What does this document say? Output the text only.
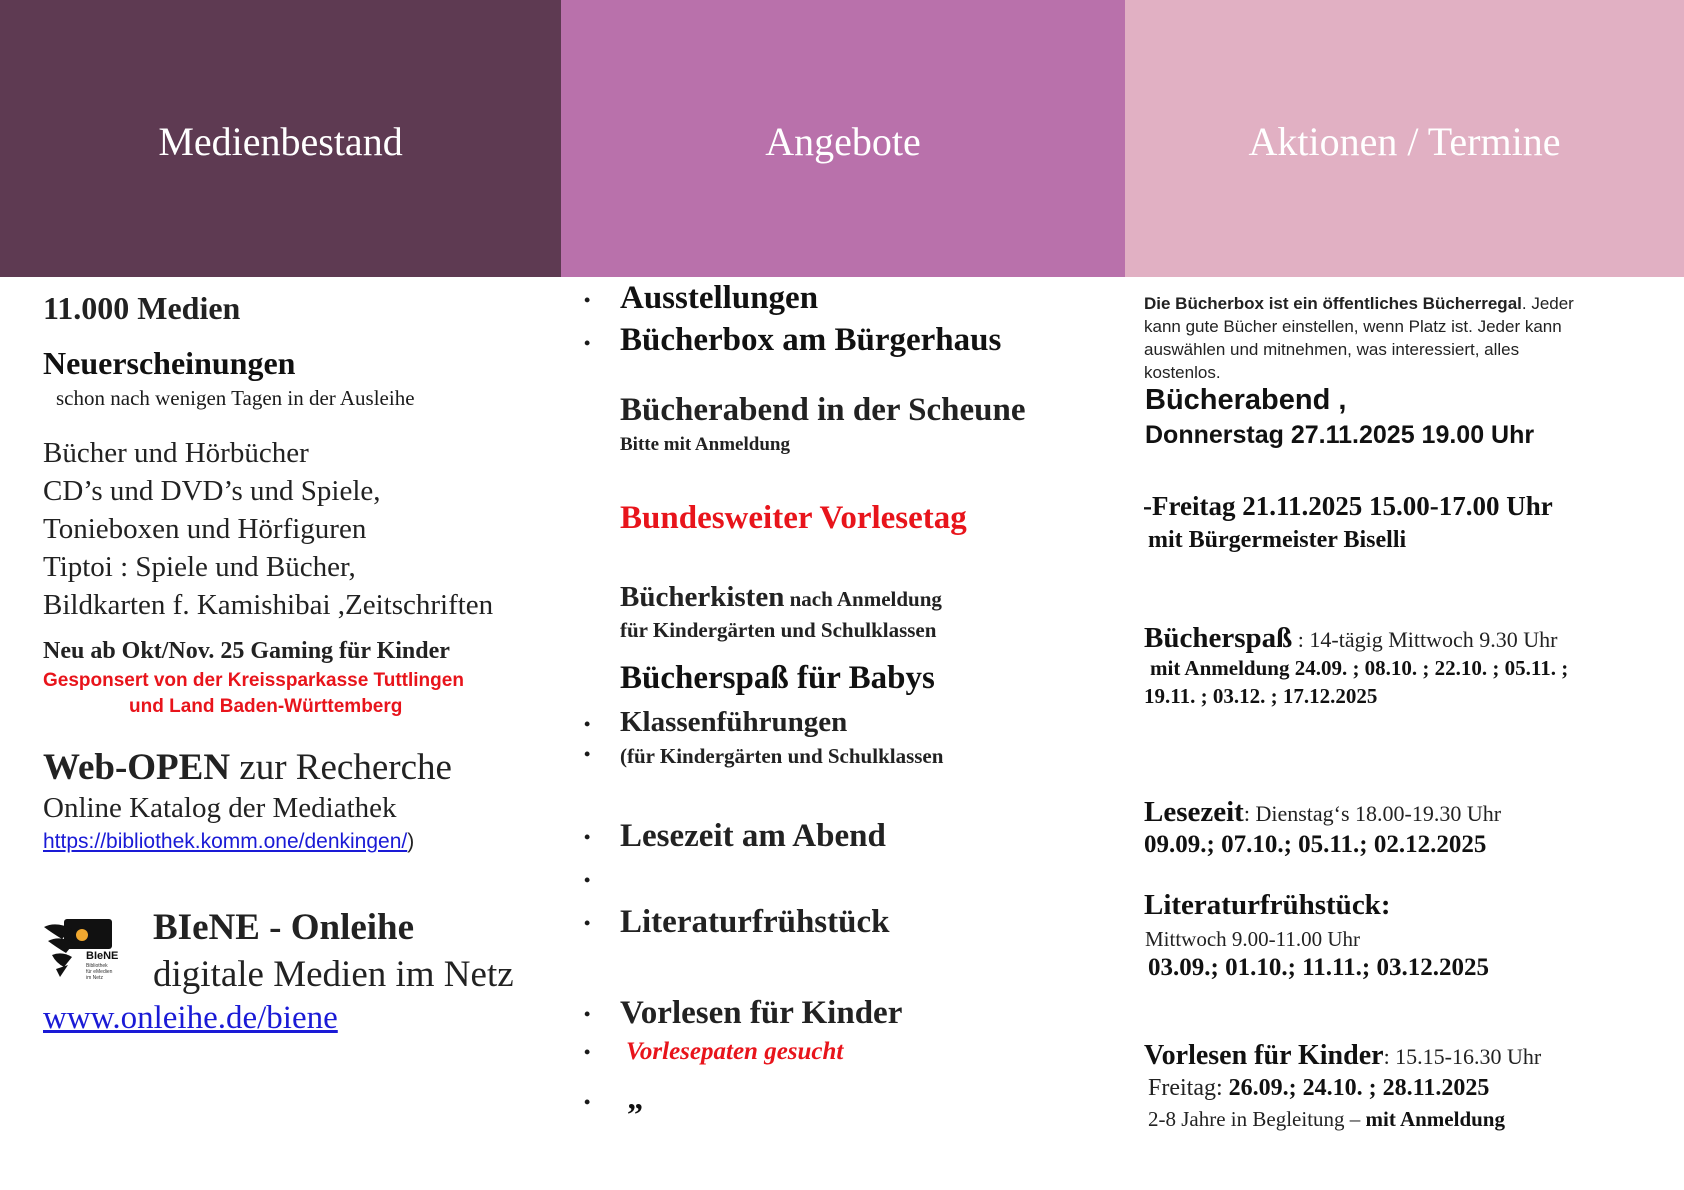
Medienbestand	Angebote	Aktionen / Termine
11.000 Medien
Neuerscheinungen
schon nach wenigen Tagen in der Ausleihe
Bücher und Hörbücher
CD’s und DVD’s und Spiele,
Tonieboxen und Hörfiguren
Tiptoi : Spiele und Bücher,
Bildkarten f. Kamishibai ,Zeitschriften
Neu ab Okt/Nov. 25 Gaming für Kinder
Gesponsert von der Kreissparkasse Tuttlingen
und Land Baden-Württemberg
Web-OPEN zur Recherche
Online Katalog der Mediathek
https://bibliothek.komm.one/denkingen/)
BIeNE
Bibliothek
für eMedien
im Netz
BIeNE - Onleihe
digitale Medien im Netz
www.onleihe.de/biene
• Ausstellungen
• Bücherbox am Bürgerhaus
Bücherabend in der Scheune
Bitte mit Anmeldung
Bundesweiter Vorlesetag
Bücherkisten nach Anmeldung
für Kindergärten und Schulklassen
Bücherspaß für Babys
• Klassenführungen
• (für Kindergärten und Schulklassen
• Lesezeit am Abend
•
• Literaturfrühstück
• Vorlesen für Kinder
• Vorlesepaten gesucht
• ”
Die Bücherbox ist ein öffentliches Bücherregal. Jeder
kann gute Bücher einstellen, wenn Platz ist. Jeder kann
auswählen und mitnehmen, was interessiert, alles
kostenlos.
Bücherabend ,
Donnerstag 27.11.2025 19.00 Uhr
-Freitag 21.11.2025 15.00-17.00 Uhr
mit Bürgermeister Biselli
Bücherspaß : 14-tägig Mittwoch 9.30 Uhr
mit Anmeldung 24.09. ; 08.10. ; 22.10. ; 05.11. ;
19.11. ; 03.12. ; 17.12.2025
Lesezeit: Dienstag‘s 18.00-19.30 Uhr
09.09.; 07.10.; 05.11.; 02.12.2025
Literaturfrühstück:
Mittwoch 9.00-11.00 Uhr
03.09.; 01.10.; 11.11.; 03.12.2025
Vorlesen für Kinder: 15.15-16.30 Uhr
Freitag: 26.09.; 24.10. ; 28.11.2025
2-8 Jahre in Begleitung – mit Anmeldung
